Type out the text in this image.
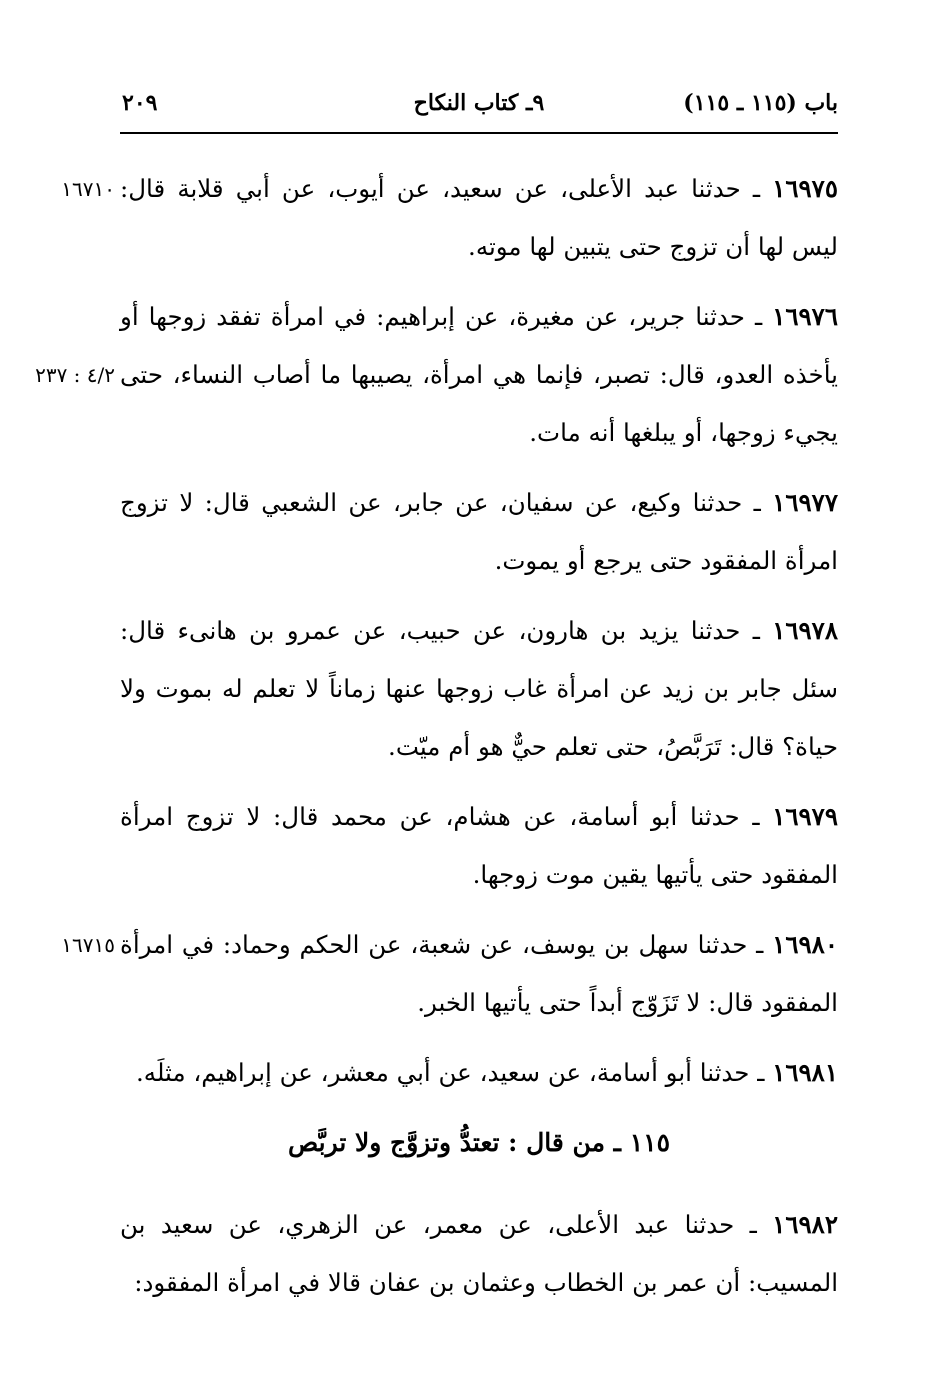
باب (١١٥ ـ ١١٥)
٩ـ كتاب النكاح
٢٠٩
١٦٧١٠	١٦٩٧٥ ـ حدثنا عبد الأعلى، عن سعيد، عن أيوب، عن أبي قلابة قال: ليس لها أن تزوج حتى يتبين لها موته.
٤/٢ : ٢٣٧
١٦٩٧٦ ـ حدثنا جرير، عن مغيرة، عن إبراهيم: في امرأة تفقد زوجها أو يأخذه العدو، قال: تصبر، فإنما هي امرأة، يصيبها ما أصاب النساء، حتى يجيء زوجها، أو يبلغها أنه مات.
١٦٩٧٧ ـ حدثنا وكيع، عن سفيان، عن جابر، عن الشعبي قال: لا تزوج امرأة المفقود حتى يرجع أو يموت.
١٦٩٧٨ ـ حدثنا يزيد بن هارون، عن حبيب، عن عمرو بن هانىء قال: سئل جابر بن زيد عن امرأة غاب زوجها عنها زماناً لا تعلم له بموت ولا حياة؟ قال: تَرَبَّصُ، حتى تعلم حيٌّ هو أم ميّت.
١٦٩٧٩ ـ حدثنا أبو أسامة، عن هشام، عن محمد قال: لا تزوج امرأة المفقود حتى يأتيها يقين موت زوجها.
١٦٧١٥	١٦٩٨٠ ـ حدثنا سهل بن يوسف، عن شعبة، عن الحكم وحماد: في امرأة المفقود قال: لا تَزَوّج أبداً حتى يأتيها الخبر.
١٦٩٨١ ـ حدثنا أبو أسامة، عن سعيد، عن أبي معشر، عن إبراهيم، مثلَه.
١١٥ ـ من قال : تعتدُّ وتزوَّج ولا تربَّص
١٦٩٨٢ ـ حدثنا عبد الأعلى، عن معمر، عن الزهري، عن سعيد بن المسيب: أن عمر بن الخطاب وعثمان بن عفان قالا في امرأة المفقود:
